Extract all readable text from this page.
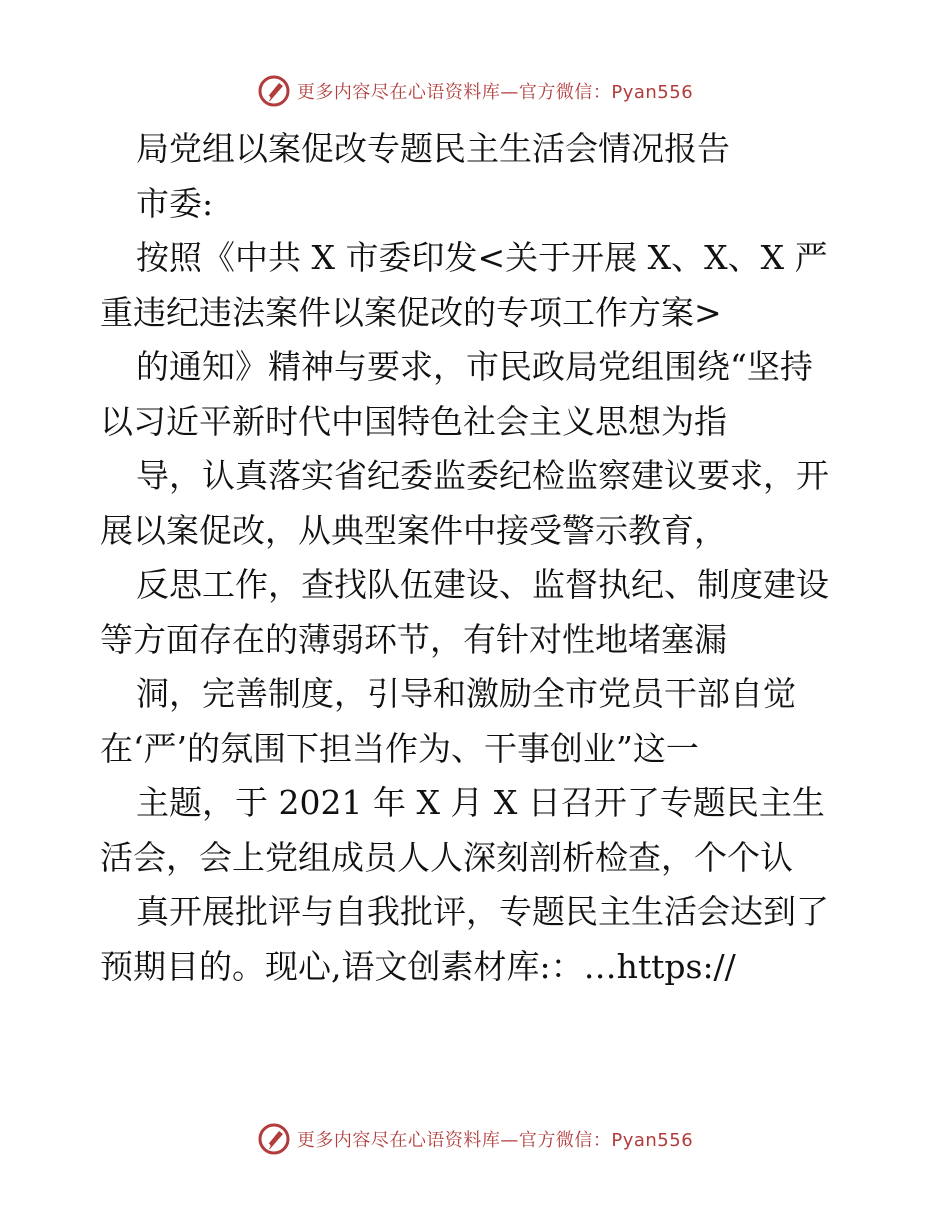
更多内容尽在心语资料库—官方微信：Pyan556
局党组以案促改专题民主生活会情况报告
市委:
按照《中共 X 市委印发<关于开展 X、X、X 严
重违纪违法案件以案促改的专项工作方案>
的通知》精神与要求，市民政局党组围绕“坚持
以习近平新时代中国特色社会主义思想为指
导，认真落实省纪委监委纪检监察建议要求，开
展以案促改，从典型案件中接受警示教育，
反思工作，查找队伍建设、监督执纪、制度建设
等方面存在的薄弱环节，有针对性地堵塞漏
洞，完善制度，引导和激励全市党员干部自觉
在‘严’的氛围下担当作为、干事创业”这一
主题，于 2021 年 X 月 X 日召开了专题民主生
活会，会上党组成员人人深刻剖析检查，个个认
真开展批评与自我批评，专题民主生活会达到了
预期目的。现心,语文创素材库:：…https://
更多内容尽在心语资料库—官方微信：Pyan556
